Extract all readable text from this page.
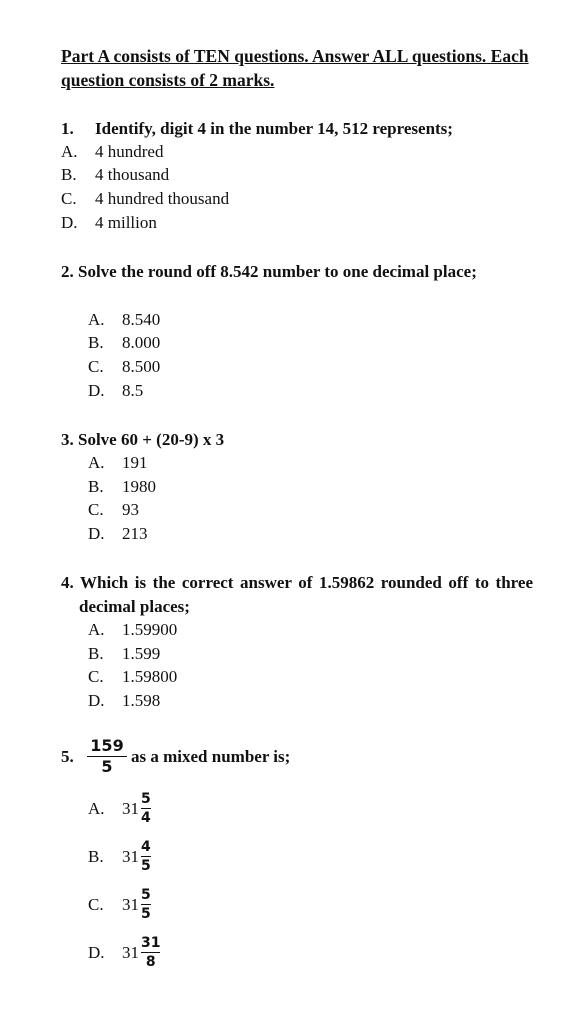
Part A consists of TEN questions. Answer ALL questions. Each question consists of 2 marks.

1. Identify, digit 4 in the number 14, 512 represents;

A. 4 hundred
B. 4 thousand
C. 4 hundred thousand
D. 4 million

2. Solve the round off 8.542 number to one decimal place;

A. 8.540
B. 8.000
C. 8.500
D. 8.5

3. Solve 60 + (20-9) x 3

A. 191
B. 1980
C. 93
D. 213

4. Which is the correct answer of 1.59862 rounded off to three decimal places;

A. 1.59900
B. 1.599
C. 1.59800
D. 1.598
5. $\frac{159}{5}$ as a mixed number is;
A.	$31 \frac{5}{4}$
B.	$31 \frac{4}{5}$
C.	$31 \frac{5}{5}$
D.	$31 \frac{31}{8}$
